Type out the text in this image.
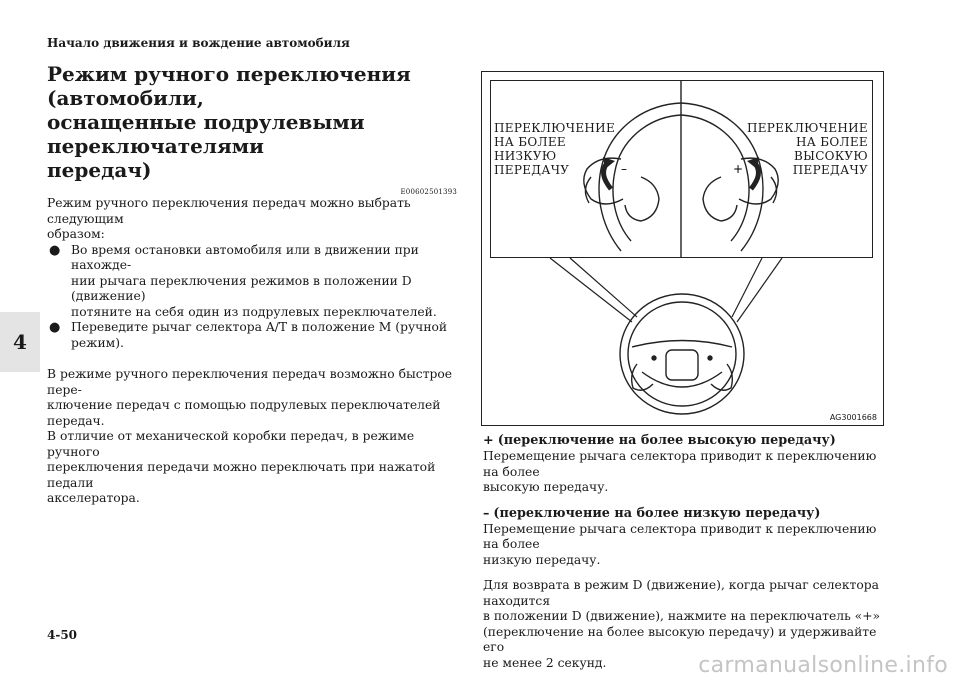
Начало движения и вождение автомобиля
4
4-50
carmanualsonline.info
Режим ручного переключения (автомобили,
оснащенные подрулевыми переключателями
передач)
E00602501393

Режим ручного переключения передач можно выбрать следующим
образом:

● Во время остановки автомобиля или в движении при нахожде-
нии рычага переключения режимов в положении D (движение)
потяните на себя один из подрулевых переключателей.
● Переведите рычаг селектора A/T в положение M (ручной
режим).

В режиме ручного переключения передач возможно быстрое пере-
ключение передач с помощью подрулевых переключателей передач.
В отличие от механической коробки передач, в режиме ручного
переключения передачи можно переключать при нажатой педали
акселератора.

–	+
ПЕРЕКЛЮЧЕНИЕ
НА БОЛЕЕ
НИЗКУЮ
ПЕРЕДАЧУ
ПЕРЕКЛЮЧЕНИЕ
НА БОЛЕЕ
ВЫСОКУЮ
ПЕРЕДАЧУ
AG3001668
+ (переключение на более высокую передачу)

Перемещение рычага селектора приводит к переключению на более
высокую передачу.

– (переключение на более низкую передачу)

Перемещение рычага селектора приводит к переключению на более
низкую передачу.

Для возврата в режим D (движение), когда рычаг селектора находится
в положении D (движение), нажмите на переключатель «+»
(переключение на более высокую передачу) и удерживайте его
не менее 2 секунд.
